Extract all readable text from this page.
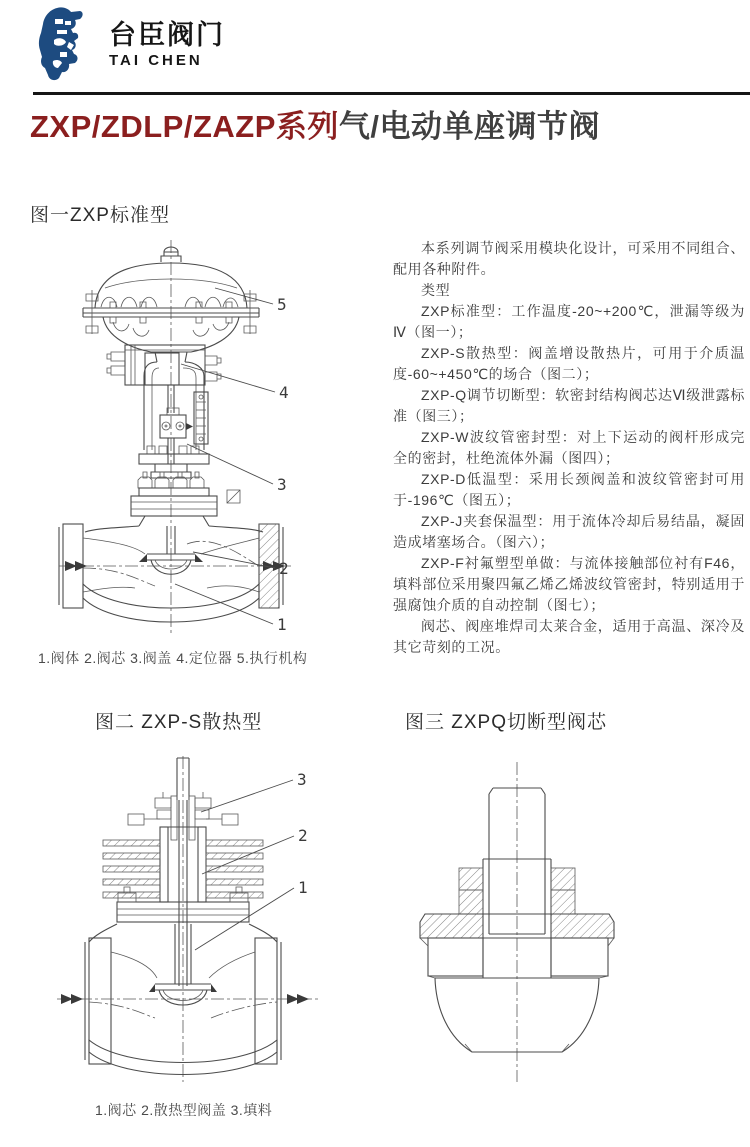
台臣阀门
TAI CHEN
ZXP/ZDLP/ZAZP系列气/电动单座调节阀
图一ZXP标准型
5
4
3
2
1

本系列调节阀采用模块化设计，可采用不同组合、配用各种附件。

类型

ZXP标准型：工作温度-20~+200℃，泄漏等级为Ⅳ（图一）；

ZXP-S散热型：阀盖增设散热片，可用于介质温度-60~+450℃的场合（图二）；

ZXP-Q调节切断型：软密封结构阀芯达Ⅵ级泄露标准（图三）；

ZXP-W波纹管密封型：对上下运动的阀杆形成完全的密封，杜绝流体外漏（图四）；

ZXP-D低温型：采用长颈阀盖和波纹管密封可用于-196℃（图五）；

ZXP-J夹套保温型：用于流体冷却后易结晶，凝固造成堵塞场合。（图六）；

ZXP-F衬氟塑型单做：与流体接触部位衬有F46，填料部位采用聚四氟乙烯乙烯波纹管密封，特别适用于强腐蚀介质的自动控制（图七）；

阀芯、阀座堆焊司太莱合金，适用于高温、深冷及其它苛刻的工况。

1.阀体 2.阀芯 3.阀盖 4.定位器 5.执行机构
图二 ZXP-S散热型	图三 ZXPQ切断型阀芯
3
2
1
1.阀芯 2.散热型阀盖 3.填料
